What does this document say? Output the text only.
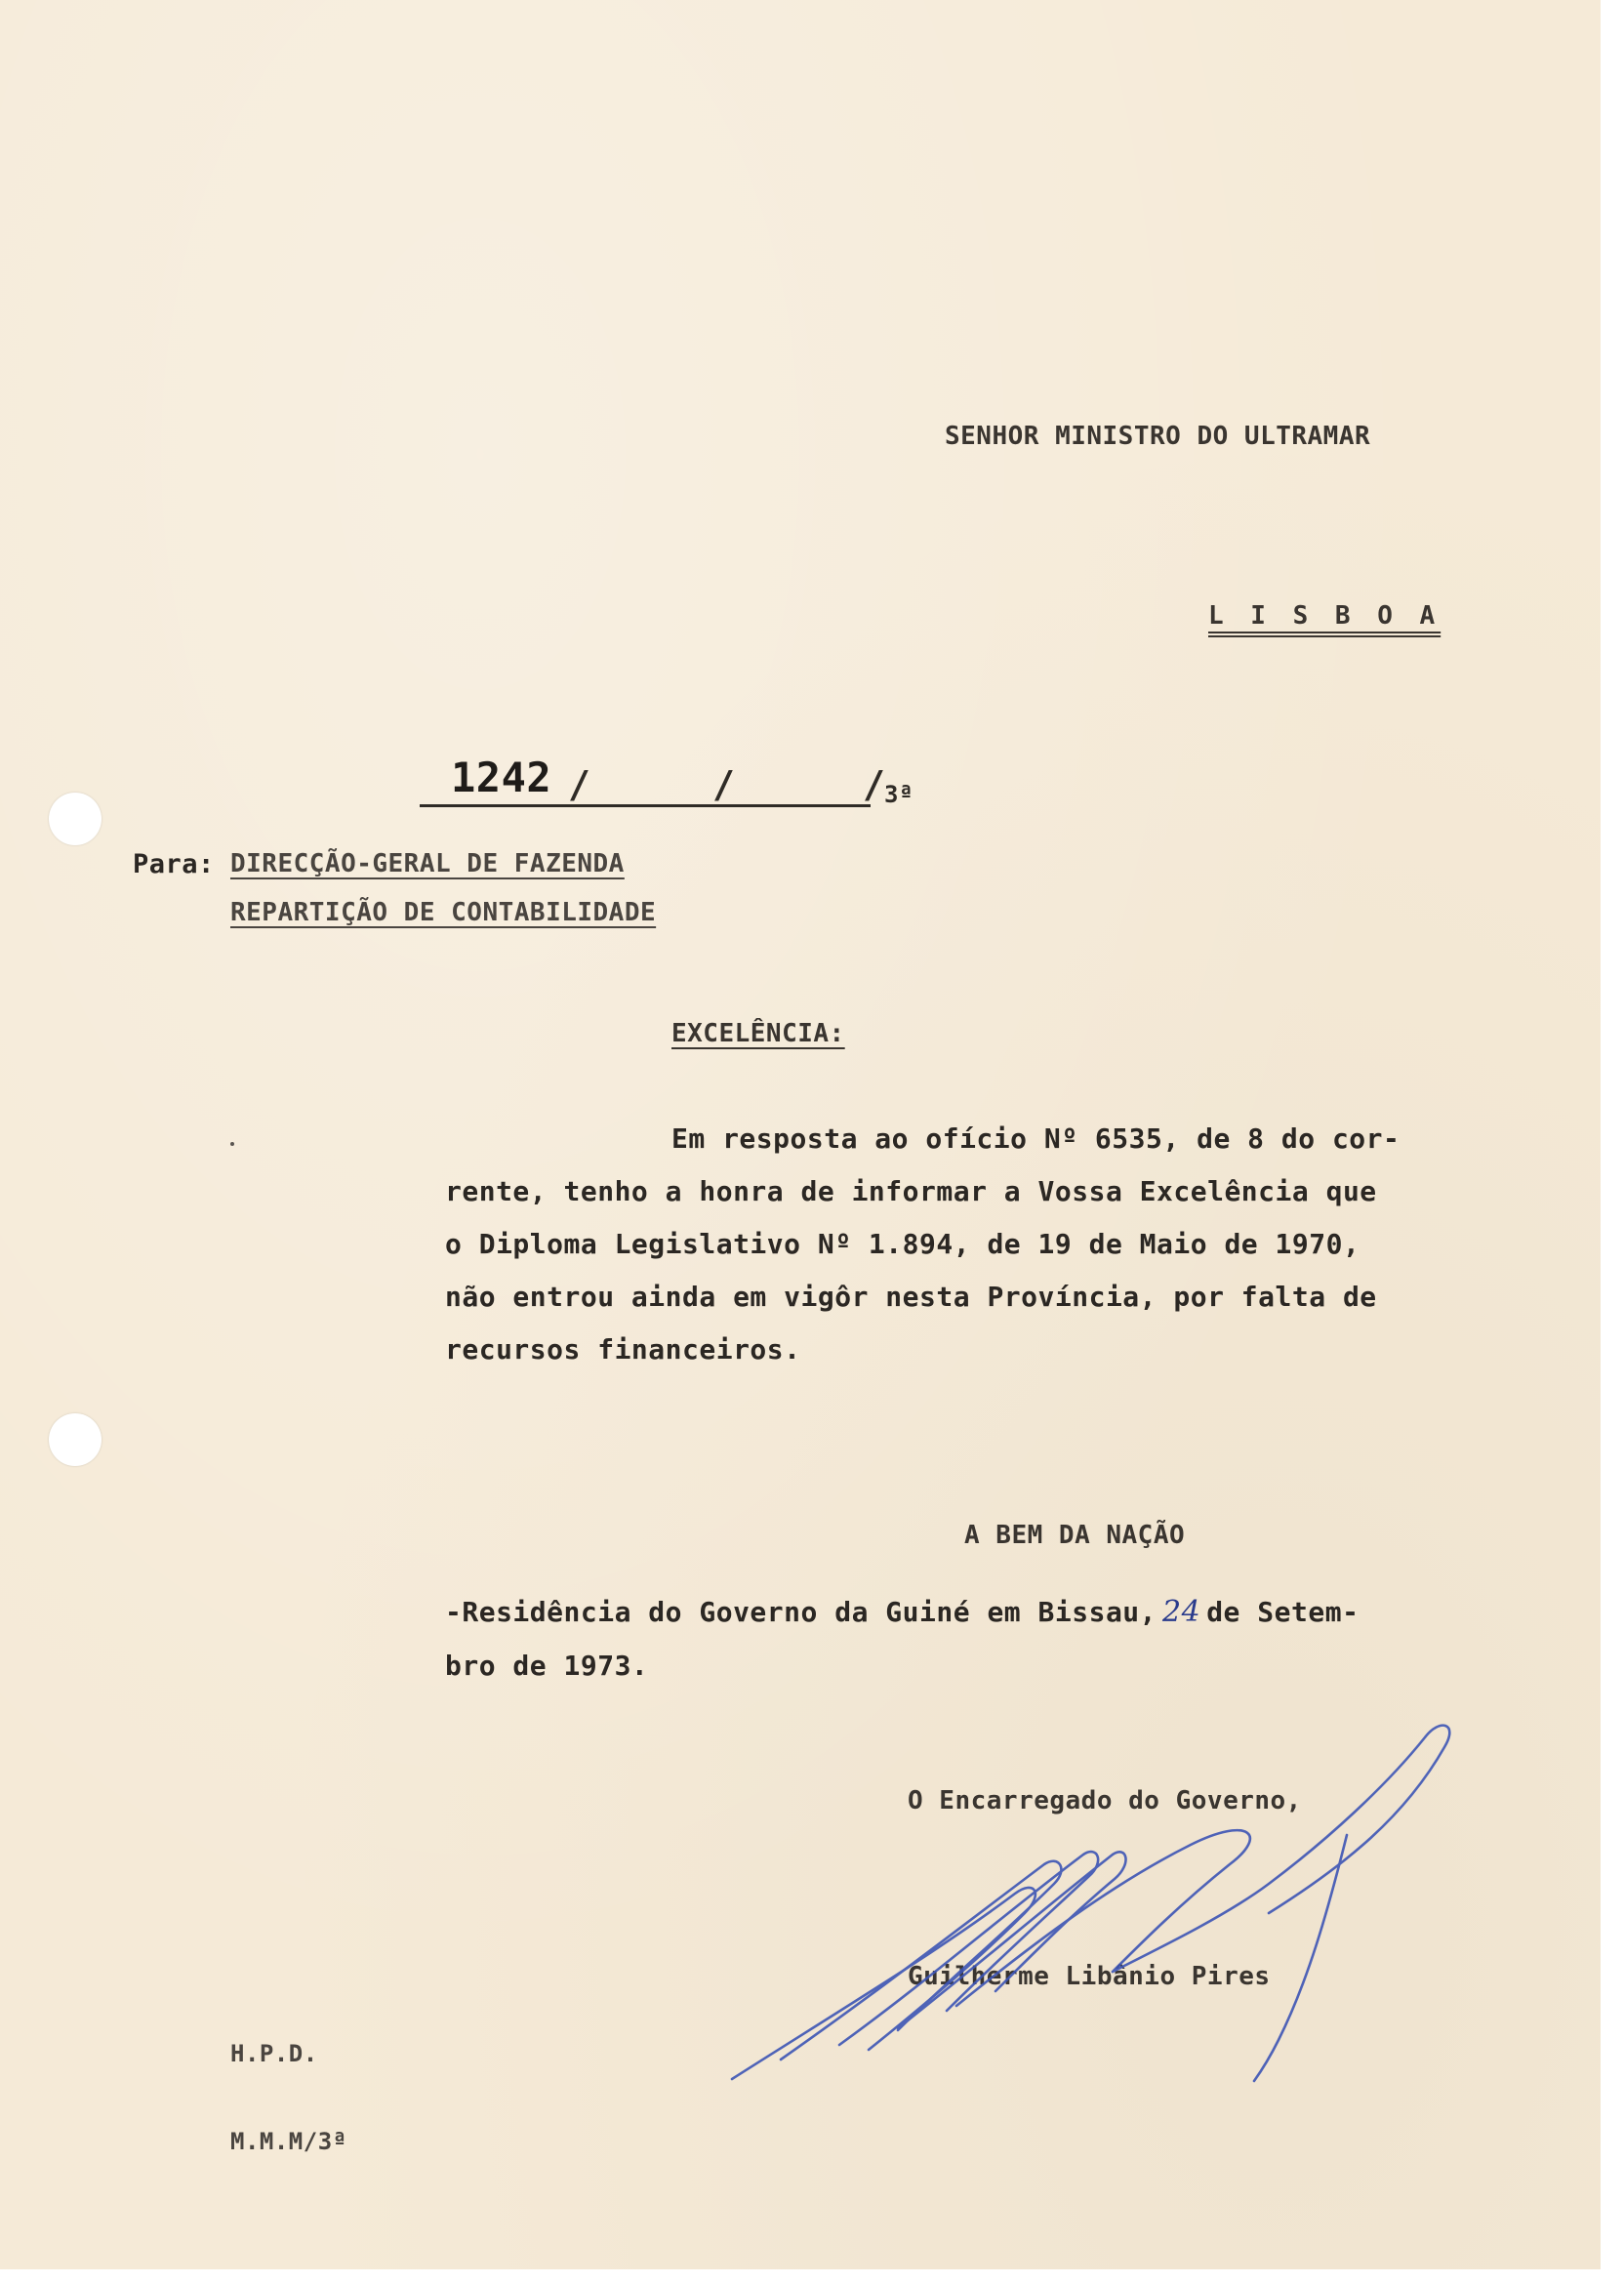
SENHOR MINISTRO DO ULTRAMAR
L I S B O A
1242 /	/	/
3ª
Para: DIRECÇÃO-GERAL DE FAZENDA
REPARTIÇÃO DE CONTABILIDADE
EXCELÊNCIA:
Em resposta ao ofício Nº 6535, de 8 do cor-
rente, tenho a honra de informar a Vossa Excelência que
o Diploma Legislativo Nº 1.894, de 19 de Maio de 1970,
não entrou ainda em vigôr nesta Província, por falta de
recursos financeiros.
A BEM DA NAÇÃO
-Residência do Governo da Guiné em Bissau, 24 de Setem-
bro de 1973.
O Encarregado do Governo,
Guilherme Libânio Pires
H.P.D.
M.M.M/3ª
